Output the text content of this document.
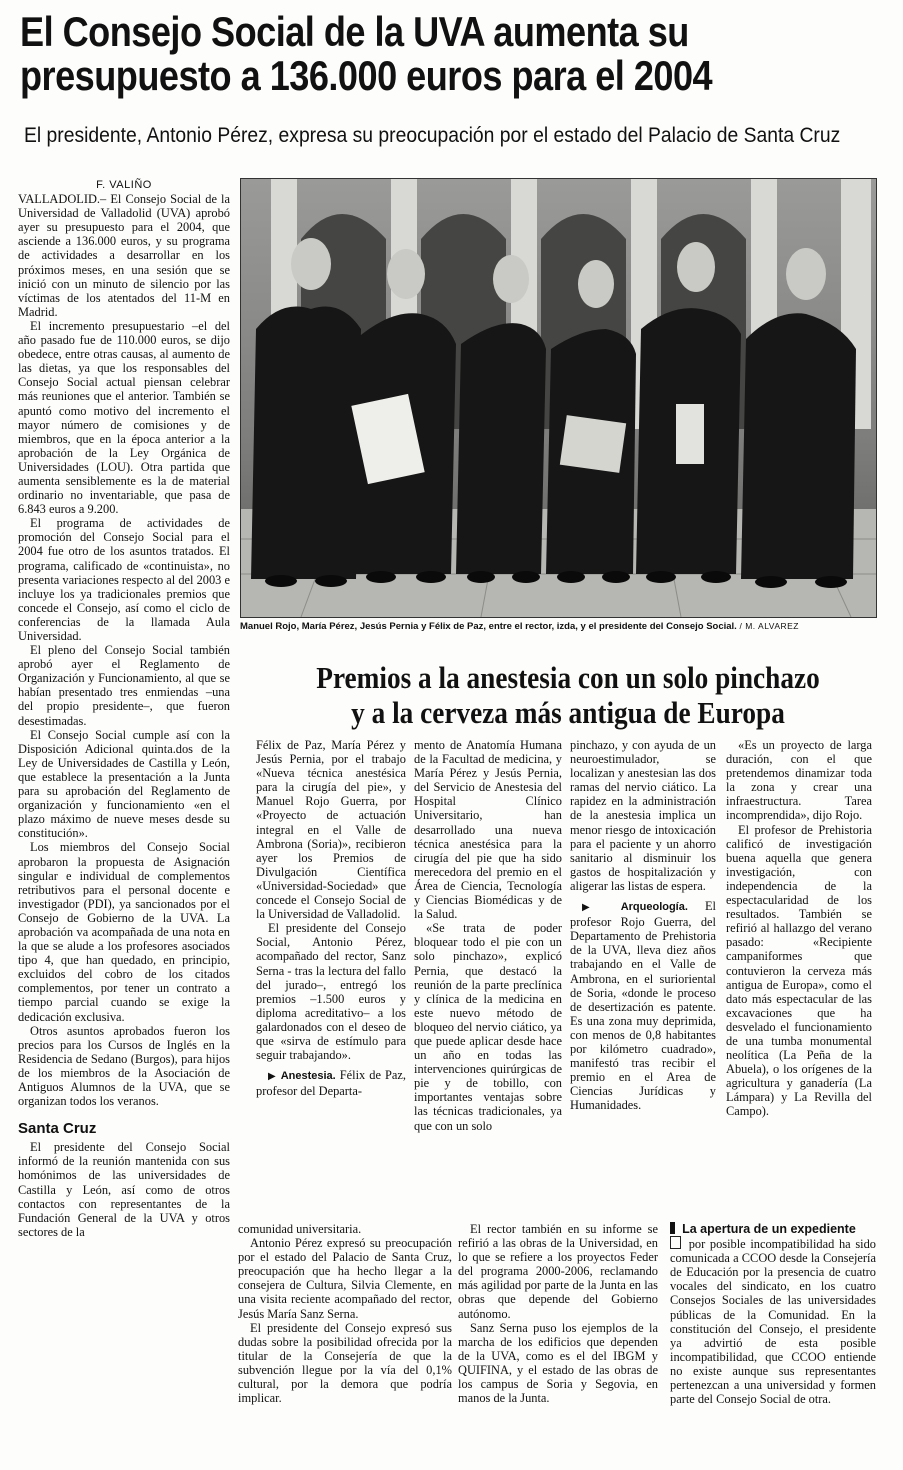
El Consejo Social de la UVA aumenta su
presupuesto a 136.000 euros para el 2004
El presidente, Antonio Pérez, expresa su preocupación por el estado del Palacio de Santa Cruz
F. VALIÑO

VALLADOLID.– El Consejo Social de la Universidad de Valladolid (UVA) aprobó ayer su presupuesto para el 2004, que asciende a 136.000 euros, y su programa de actividades a desarrollar en los próximos meses, en una sesión que se inició con un minuto de silencio por las víctimas de los atentados del 11-M en Madrid.

El incremento presupuestario –el del año pasado fue de 110.000 euros, se dijo obedece, entre otras causas, al aumento de las dietas, ya que los responsables del Consejo Social actual piensan celebrar más reuniones que el anterior. También se apuntó como motivo del incremento el mayor número de comisiones y de miembros, que en la época anterior a la aprobación de la Ley Orgánica de Universidades (LOU). Otra partida que aumenta sensiblemente es la de material ordinario no inventariable, que pasa de 6.843 euros a 9.200.

El programa de actividades de promoción del Consejo Social para el 2004 fue otro de los asuntos tratados. El programa, calificado de «continuista», no presenta variaciones respecto al del 2003 e incluye los ya tradicionales premios que concede el Consejo, así como el ciclo de conferencias de la llamada Aula Universidad.

El pleno del Consejo Social también aprobó ayer el Reglamento de Organización y Funcionamiento, al que se habían presentado tres enmiendas –una del propio presidente–, que fueron desestimadas.

El Consejo Social cumple así con la Disposición Adicional quinta.dos de la Ley de Universidades de Castilla y León, que establece la presentación a la Junta para su aprobación del Reglamento de organización y funcionamiento «en el plazo máximo de nueve meses desde su constitución».

Los miembros del Consejo Social aprobaron la propuesta de Asignación singular e individual de complementos retributivos para el personal docente e investigador (PDI), ya sancionados por el Consejo de Gobierno de la UVA. La aprobación va acompañada de una nota en la que se alude a los profesores asociados tipo 4, que han quedado, en principio, excluidos del cobro de los citados complementos, por tener un contrato a tiempo parcial cuando se exige la dedicación exclusiva.

Otros asuntos aprobados fueron los precios para los Cursos de Inglés en la Residencia de Sedano (Burgos), para hijos de los miembros de la Asociación de Antiguos Alumnos de la UVA, que se organizan todos los veranos.

Santa Cruz

El presidente del Consejo Social informó de la reunión mantenida con sus homónimos de las universidades de Castilla y León, así como de otros contactos con representantes de la Fundación General de la UVA y otros sectores de la

Manuel Rojo, María Pérez, Jesús Pernia y Félix de Paz, entre el rector, izda, y el presidente del Consejo Social. / M. ALVAREZ
Premios a la anestesia con un solo pinchazo
y a la cerveza más antigua de Europa

Félix de Paz, María Pérez y Jesús Pernia, por el trabajo «Nueva técnica anestésica para la cirugía del pie», y Manuel Rojo Guerra, por «Proyecto de actuación integral en el Valle de Ambrona (Soria)», recibieron ayer los Premios de Divulgación Científica «Universidad-Sociedad» que concede el Consejo Social de la Universidad de Valladolid.

El presidente del Consejo Social, Antonio Pérez, acompañado del rector, Sanz Serna - tras la lectura del fallo del jurado–, entregó los premios –1.500 euros y diploma acreditativo– a los galardonados con el deseo de que «sirva de estímulo para seguir trabajando».

▶ Anestesia. Félix de Paz, profesor del Departa-

mento de Anatomía Humana de la Facultad de medicina, y María Pérez y Jesús Pernia, del Servicio de Anestesia del Hospital Clínico Universitario, han desarrollado una nueva técnica anestésica para la cirugía del pie que ha sido merecedora del premio en el Área de Ciencia, Tecnología y Ciencias Biomédicas y de la Salud.

«Se trata de poder bloquear todo el pie con un solo pinchazo», explicó Pernia, que destacó la reunión de la parte preclínica y clínica de la medicina en este nuevo método de bloqueo del nervio ciático, ya que puede aplicar desde hace un año en todas las intervenciones quirúrgicas de pie y de tobillo, con importantes ventajas sobre las técnicas tradicionales, ya que con un solo

pinchazo, y con ayuda de un neuroestimulador, se localizan y anestesian las dos ramas del nervio ciático. La rapidez en la administración de la anestesia implica un menor riesgo de intoxicación para el paciente y un ahorro sanitario al disminuir los gastos de hospitalización y aligerar las listas de espera.

▶ Arqueología. El profesor Rojo Guerra, del Departamento de Prehistoria de la UVA, lleva diez años trabajando en el Valle de Ambrona, en el surioriental de Soria, «donde le proceso de desertización es patente. Es una zona muy deprimida, con menos de 0,8 habitantes por kilómetro cuadrado», manifestó tras recibir el premio en el Area de Ciencias Jurídicas y Humanidades.

«Es un proyecto de larga duración, con el que pretendemos dinamizar toda la zona y crear una infraestructura. Tarea incomprendida», dijo Rojo.

El profesor de Prehistoria calificó de investigación buena aquella que genera investigación, con independencia de la espectacularidad de los resultados. También se refirió al hallazgo del verano pasado: «Recipiente campaniformes que contuvieron la cerveza más antigua de Europa», como el dato más espectacular de las excavaciones que ha desvelado el funcionamiento de una tumba monumental neolítica (La Peña de la Abuela), o los orígenes de la agricultura y ganadería (La Lámpara) y La Revilla del Campo).

comunidad universitaria.

Antonio Pérez expresó su preocupación por el estado del Palacio de Santa Cruz, preocupación que ha hecho llegar a la consejera de Cultura, Silvia Clemente, en una visita reciente acompañado del rector, Jesús María Sanz Serna.

El presidente del Consejo expresó sus dudas sobre la posibilidad ofrecida por la titular de la Consejería de que la subvención llegue por la vía del 0,1% cultural, por la demora que podría implicar.

El rector también en su informe se refirió a las obras de la Universidad, en lo que se refiere a los proyectos Feder del programa 2000-2006, reclamando más agilidad por parte de la Junta en las obras que depende del Gobierno autónomo.

Sanz Serna puso los ejemplos de la marcha de los edificios que dependen de la UVA, como es el del IBGM y QUIFINA, y el estado de las obras de los campus de Soria y Segovia, en manos de la Junta.

La apertura de un expediente

por posible incompatibilidad ha sido comunicada a CCOO desde la Consejería de Educación por la presencia de cuatro vocales del sindicato, en los cuatro Consejos Sociales de las universidades públicas de la Comunidad. En la constitución del Consejo, el presidente ya advirtió de esta posible incompatibilidad, que CCOO entiende no existe aunque sus representantes pertenezcan a una universidad y formen parte del Consejo Social de otra.
